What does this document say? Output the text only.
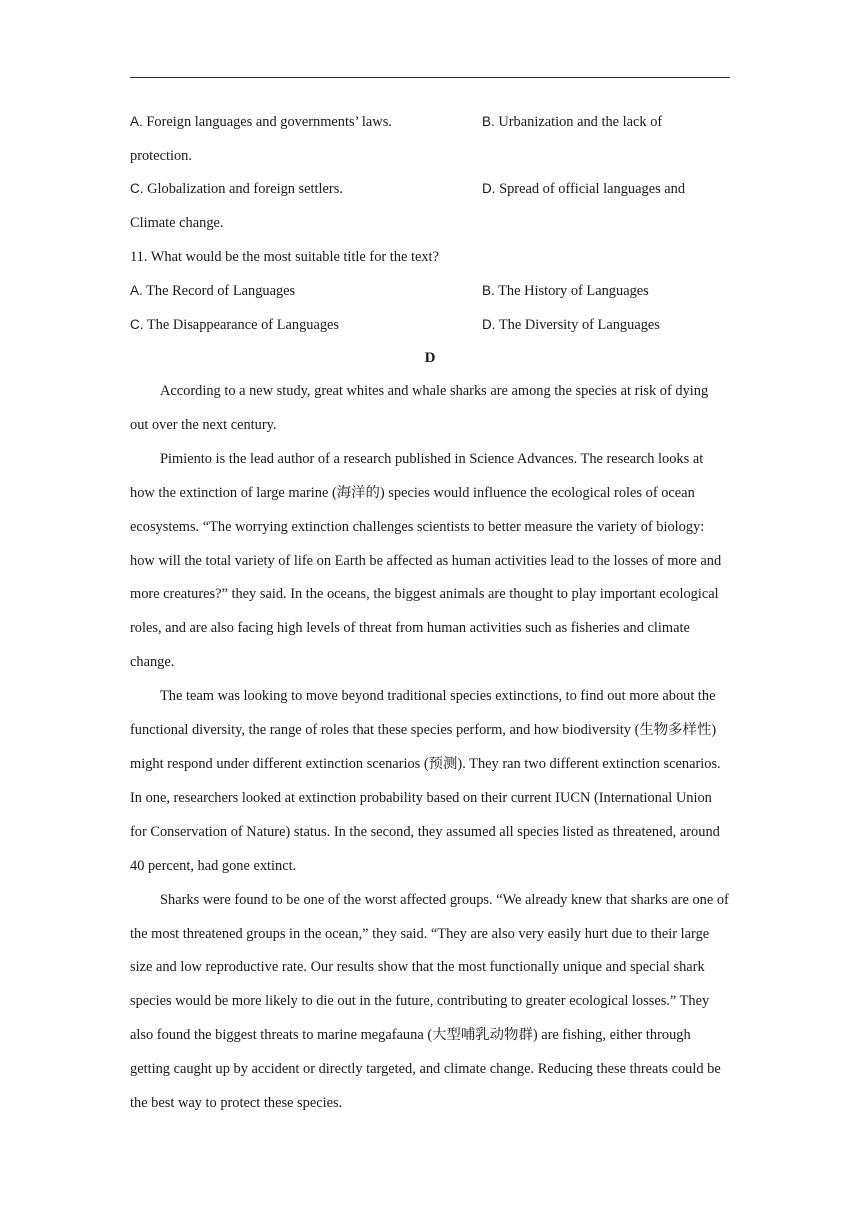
A. Foreign languages and governments’ laws.	B. Urbanization and the lack of
protection.
C. Globalization and foreign settlers.	D. Spread of official languages and
Climate change.
11. What would be the most suitable title for the text?
A. The Record of Languages	B. The History of Languages
C. The Disappearance of Languages	D. The Diversity of Languages
D

According to a new study, great whites and whale sharks are among the species at risk of dying out over the next century.

Pimiento is the lead author of a research published in Science Advances. The research looks at how the extinction of large marine (海洋的) species would influence the ecological roles of ocean ecosystems. “The worrying extinction challenges scientists to better measure the variety of biology: how will the total variety of life on Earth be affected as human activities lead to the losses of more and more creatures?” they said. In the oceans, the biggest animals are thought to play important ecological roles, and are also facing high levels of threat from human activities such as fisheries and climate change.

The team was looking to move beyond traditional species extinctions, to find out more about the functional diversity, the range of roles that these species perform, and how biodiversity (生物多样性) might respond under different extinction scenarios (预测). They ran two different extinction scenarios. In one, researchers looked at extinction probability based on their current IUCN (International Union for Conservation of Nature) status. In the second, they assumed all species listed as threatened, around 40 percent, had gone extinct.

Sharks were found to be one of the worst affected groups. “We already knew that sharks are one of the most threatened groups in the ocean,” they said. “They are also very easily hurt due to their large size and low reproductive rate. Our results show that the most functionally unique and special shark species would be more likely to die out in the future, contributing to greater ecological losses.” They also found the biggest threats to marine megafauna (大型哺乳动物群) are fishing, either through getting caught up by accident or directly targeted, and climate change. Reducing these threats could be the best way to protect these species.
